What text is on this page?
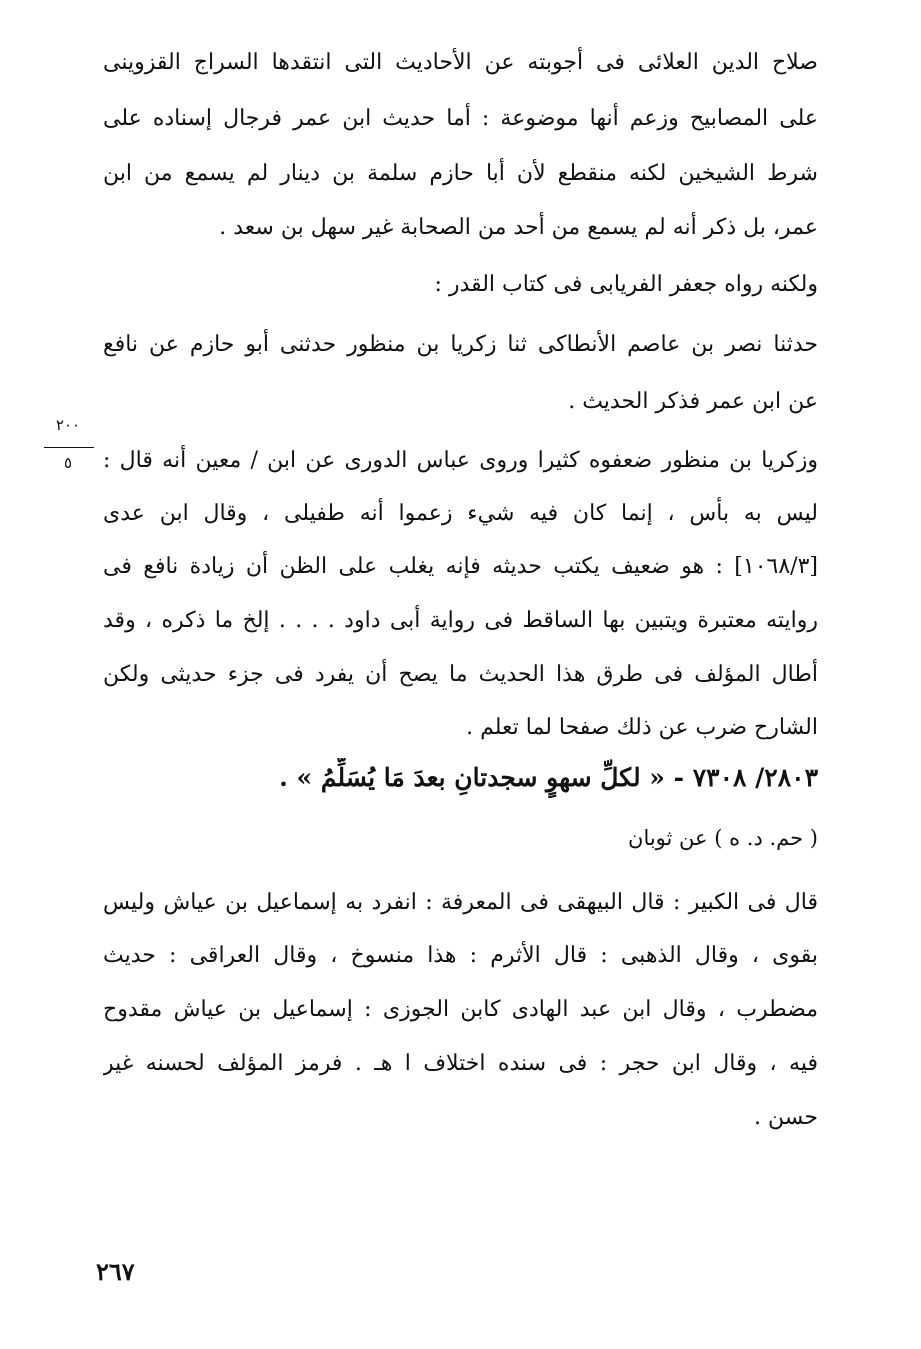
صلاح الدين العلائى فى أجوبته عن الأحاديث التى انتقدها السراج القزوينى
على المصابيح وزعم أنها موضوعة : أما حديث ابن عمر فرجال إسناده على
شرط الشيخين لكنه منقطع لأن أبا حازم سلمة بن دينار لم يسمع من ابن
عمر، بل ذكر أنه لم يسمع من أحد من الصحابة غير سهل بن سعد .
ولكنه رواه جعفر الفريابى فى كتاب القدر :
حدثنا نصر بن عاصم الأنطاكى ثنا زكريا بن منظور حدثنى أبو حازم عن نافع
عن ابن عمر فذكر الحديث .
وزكريا بن منظور ضعفوه كثيرا وروى عباس الدورى عن ابن / معين أنه قال :
ليس به بأس ، إنما كان فيه شيء زعموا أنه طفيلى ، وقال ابن عدى
[١٠٦٨/٣] : هو ضعيف يكتب حديثه فإنه يغلب على الظن أن زيادة نافع فى
روايته معتبرة ويتبين بها الساقط فى رواية أبى داود . . . . إلخ ما ذكره ، وقد
أطال المؤلف فى طرق هذا الحديث ما يصح أن يفرد فى جزء حديثى ولكن
الشارح ضرب عن ذلك صفحا لما تعلم .
٢٨٠٣/ ٧٣٠٨ - « لكلِّ سهوٍ سجدتانِ بعدَ مَا يُسَلِّمُ » .
( حم. د. ه ) عن ثوبان
قال فى الكبير : قال البيهقى فى المعرفة : انفرد به إسماعيل بن عياش وليس
بقوى ، وقال الذهبى : قال الأثرم : هذا منسوخ ، وقال العراقى : حديث
مضطرب ، وقال ابن عبد الهادى كابن الجوزى : إسماعيل بن عياش مقدوح
فيه ، وقال ابن حجر : فى سنده اختلاف ا هـ . فرمز المؤلف لحسنه غير
حسن .
٢٠٠
٥
٢٦٧
